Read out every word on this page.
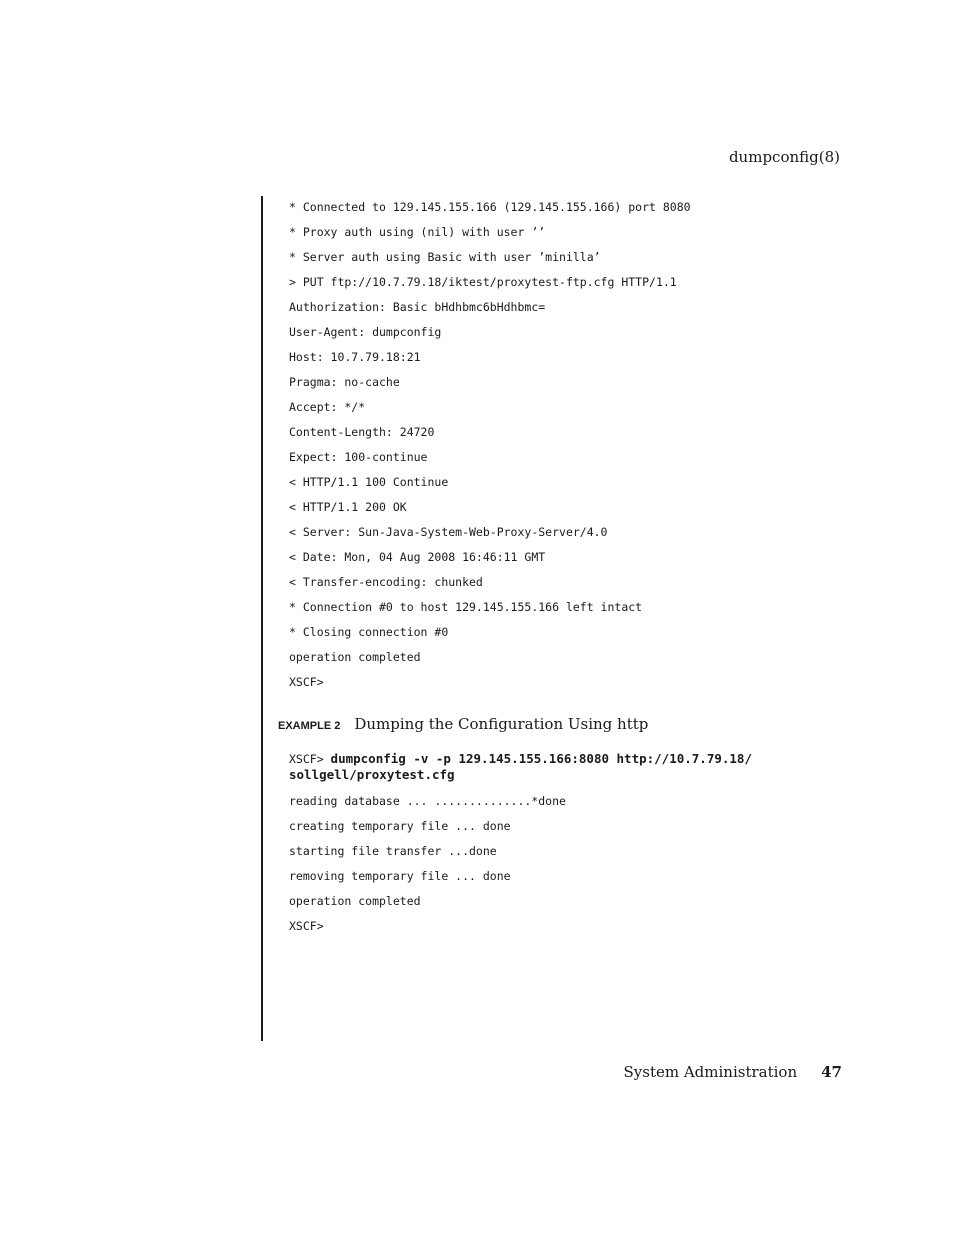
dumpconfig(8)
* Connected to 129.145.155.166 (129.145.155.166) port 8080
* Proxy auth using (nil) with user ’’
* Server auth using Basic with user ’minilla’
> PUT ftp://10.7.79.18/iktest/proxytest-ftp.cfg HTTP/1.1
Authorization: Basic bHdhbmc6bHdhbmc=
User-Agent: dumpconfig
Host: 10.7.79.18:21
Pragma: no-cache
Accept: */*
Content-Length: 24720
Expect: 100-continue
< HTTP/1.1 100 Continue
< HTTP/1.1 200 OK
< Server: Sun-Java-System-Web-Proxy-Server/4.0
< Date: Mon, 04 Aug 2008 16:46:11 GMT
< Transfer-encoding: chunked
* Connection #0 to host 129.145.155.166 left intact
* Closing connection #0
operation completed
XSCF>
EXAMPLE 2 Dumping the Configuration Using http
XSCF> dumpconfig -v -p 129.145.155.166:8080 http://10.7.79.18/
sollgell/proxytest.cfg
reading database ... ..............*done
creating temporary file ... done
starting file transfer ...done
removing temporary file ... done
operation completed
XSCF>
System Administration 47
